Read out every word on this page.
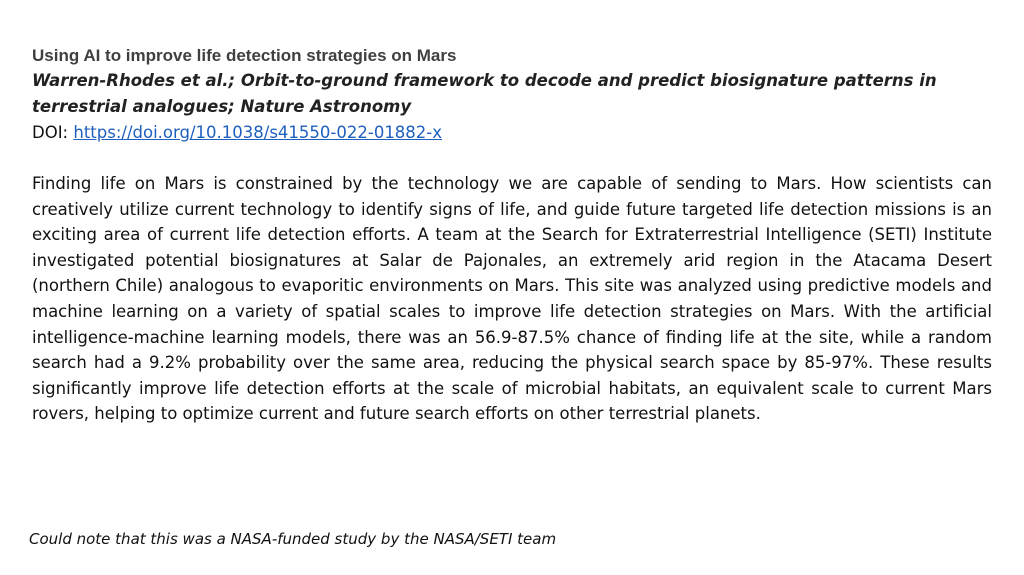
Using AI to improve life detection strategies on Mars

Warren-Rhodes et al.; Orbit-to-ground framework to decode and predict biosignature patterns in terrestrial analogues; Nature Astronomy

DOI: https://doi.org/10.1038/s41550-022-01882-x

Finding life on Mars is constrained by the technology we are capable of sending to Mars. How scientists can creatively utilize current technology to identify signs of life, and guide future targeted life detection missions is an exciting area of current life detection efforts. A team at the Search for Extraterrestrial Intelligence (SETI) Institute investigated potential biosignatures at Salar de Pajonales, an extremely arid region in the Atacama Desert (northern Chile) analogous to evaporitic environments on Mars. This site was analyzed using predictive models and machine learning on a variety of spatial scales to improve life detection strategies on Mars. With the artificial intelligence-machine learning models, there was an 56.9-87.5% chance of finding life at the site, while a random search had a 9.2% probability over the same area, reducing the physical search space by 85-97%. These results significantly improve life detection efforts at the scale of microbial habitats, an equivalent scale to current Mars rovers, helping to optimize current and future search efforts on other terrestrial planets.
Could note that this was a NASA-funded study by the NASA/SETI team
